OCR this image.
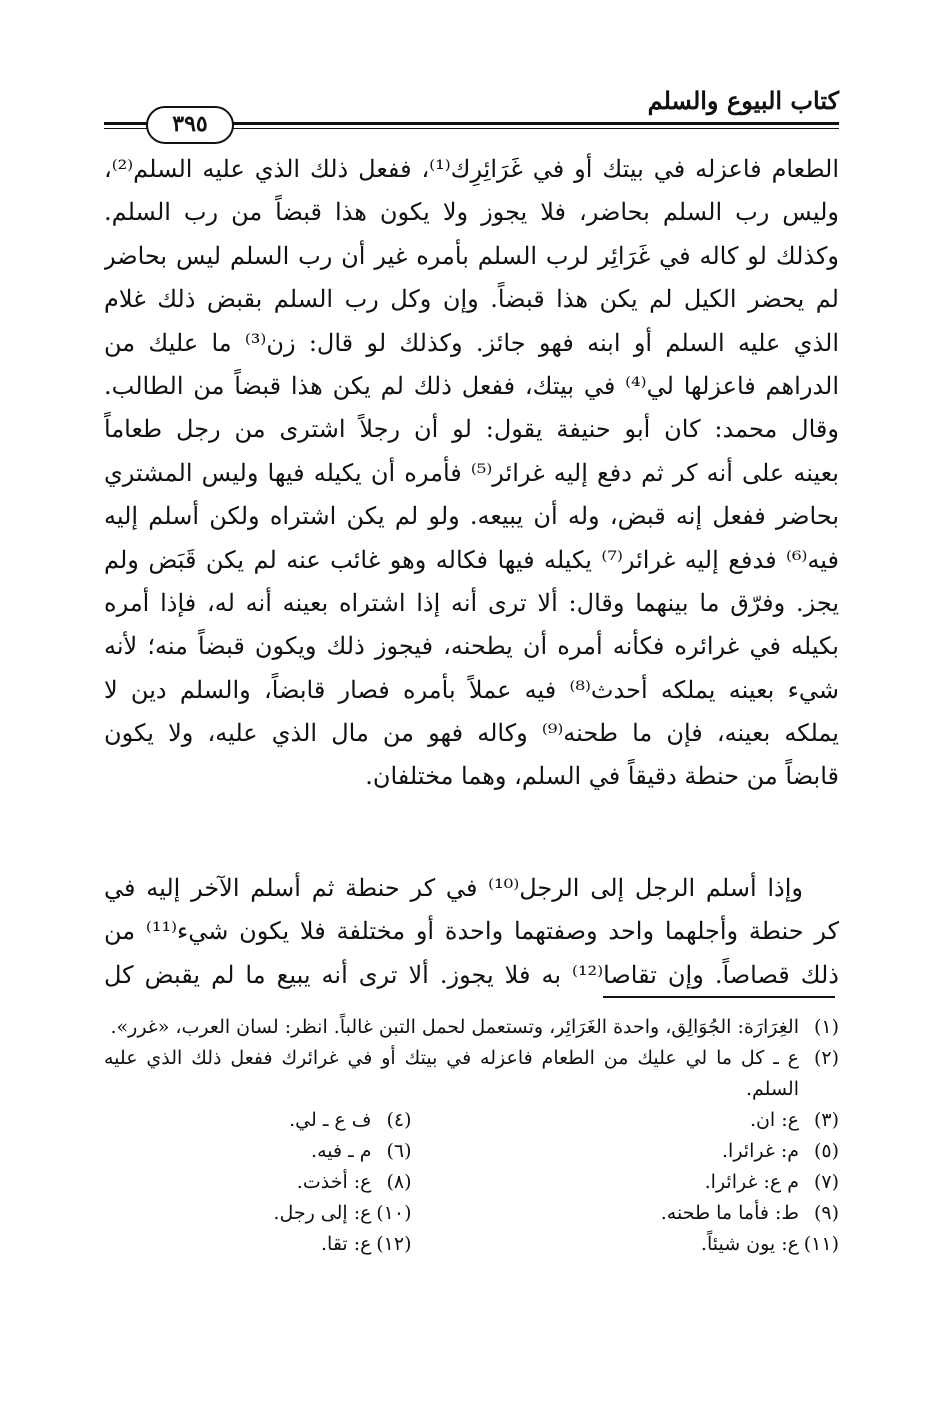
كتاب البيوع والسلم
٣٩٥
الطعام فاعزله في بيتك أو في غَرَائِرِك⁽¹⁾، ففعل ذلك الذي عليه السلم⁽²⁾،
وليس رب السلم بحاضر، فلا يجوز ولا يكون هذا قبضاً من رب السلم.
وكذلك لو كاله في غَرَائِر لرب السلم بأمره غير أن رب السلم ليس بحاضر
لم يحضر الكيل لم يكن هذا قبضاً. وإن وكل رب السلم بقبض ذلك غلام
الذي عليه السلم أو ابنه فهو جائز. وكذلك لو قال: زن⁽³⁾ ما عليك من
الدراهم فاعزلها لي⁽⁴⁾ في بيتك، ففعل ذلك لم يكن هذا قبضاً من الطالب.
وقال محمد: كان أبو حنيفة يقول: لو أن رجلاً اشترى من رجل طعاماً
بعينه على أنه كر ثم دفع إليه غرائر⁽⁵⁾ فأمره أن يكيله فيها وليس المشتري
بحاضر ففعل إنه قبض، وله أن يبيعه. ولو لم يكن اشتراه ولكن أسلم إليه
فيه⁽⁶⁾ فدفع إليه غرائر⁽⁷⁾ يكيله فيها فكاله وهو غائب عنه لم يكن قَبَض ولم
يجز. وفرّق ما بينهما وقال: ألا ترى أنه إذا اشتراه بعينه أنه له، فإذا أمره
بكيله في غرائره فكأنه أمره أن يطحنه، فيجوز ذلك ويكون قبضاً منه؛ لأنه
شيء بعينه يملكه أحدث⁽⁸⁾ فيه عملاً بأمره فصار قابضاً، والسلم دين لا
يملكه بعينه، فإن ما طحنه⁽⁹⁾ وكاله فهو من مال الذي عليه، ولا يكون
قابضاً من حنطة دقيقاً في السلم، وهما مختلفان.
وإذا أسلم الرجل إلى الرجل⁽¹⁰⁾ في كر حنطة ثم أسلم الآخر إليه في
كر حنطة وأجلهما واحد وصفتهما واحدة أو مختلفة فلا يكون شيء⁽¹¹⁾ من
ذلك قصاصاً. وإن تقاصا⁽¹²⁾ به فلا يجوز. ألا ترى أنه يبيع ما لم يقبض كل
(١)
الغِرَارَة: الجُوَالِق، واحدة الغَرَائِر، وتستعمل لحمل التبن غالباً. انظر: لسان العرب، «غرر».
(٢)
ع ـ كل ما لي عليك من الطعام فاعزله في بيتك أو في غرائرك ففعل ذلك الذي عليه السلم.
(٣)
ع: ان.
(٤)
ف ع ـ لي.
(٥)
م: غرائرا.
(٦)
م ـ فيه.
(٧)
م ع: غرائرا.
(٨)
ع: أخذت.
(٩)
ط: فأما ما طحنه.
(١٠)
ع: إلى رجل.
(١١)
ع: يون شيئاً.
(١٢)
ع: تقا.
